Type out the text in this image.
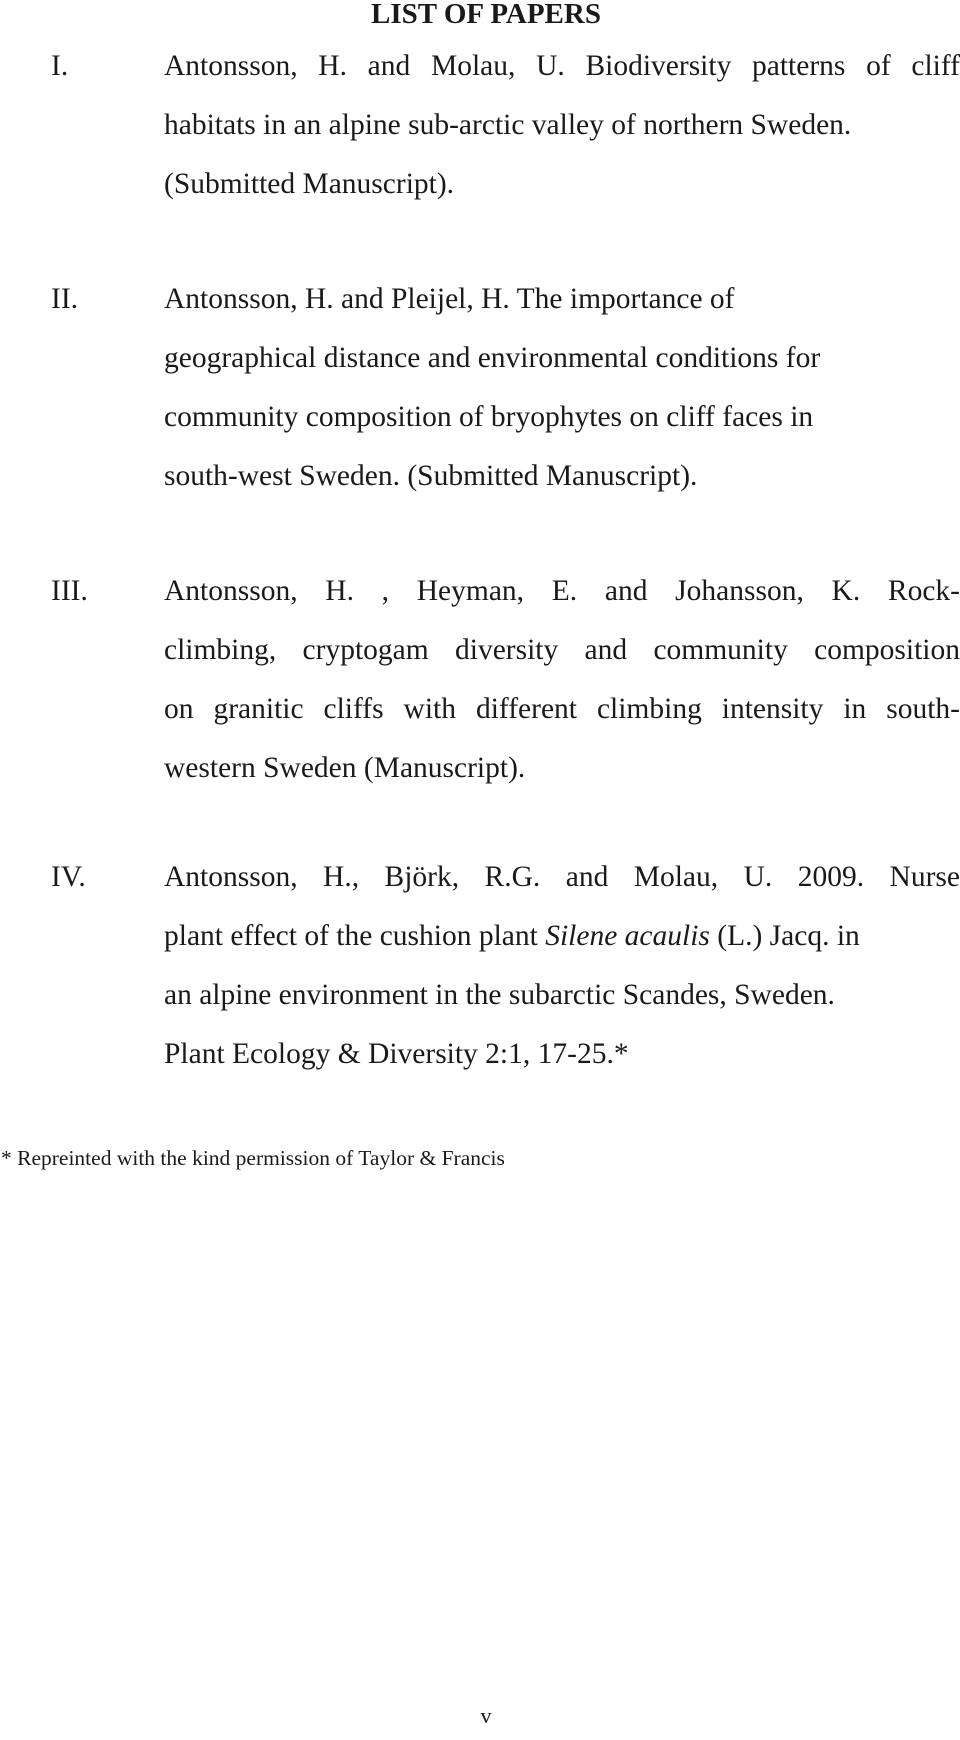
LIST OF PAPERS
I.	Antonsson, H. and Molau, U. Biodiversity patterns of cliff
habitats in an alpine sub-arctic valley of northern Sweden.
(Submitted Manuscript).
II.	Antonsson, H. and Pleijel, H. The importance of
geographical distance and environmental conditions for
community composition of bryophytes on cliff faces in
south-west Sweden. (Submitted Manuscript).
III.	Antonsson, H. , Heyman, E. and Johansson, K. Rock-
climbing, cryptogam diversity and community composition
on granitic cliffs with different climbing intensity in south-
western Sweden (Manuscript).
IV.	Antonsson, H., Björk, R.G. and Molau, U. 2009. Nurse
plant effect of the cushion plant Silene acaulis (L.) Jacq. in
an alpine environment in the subarctic Scandes, Sweden.
Plant Ecology & Diversity 2:1, 17-25.*
* Repreinted with the kind permission of Taylor & Francis
v
